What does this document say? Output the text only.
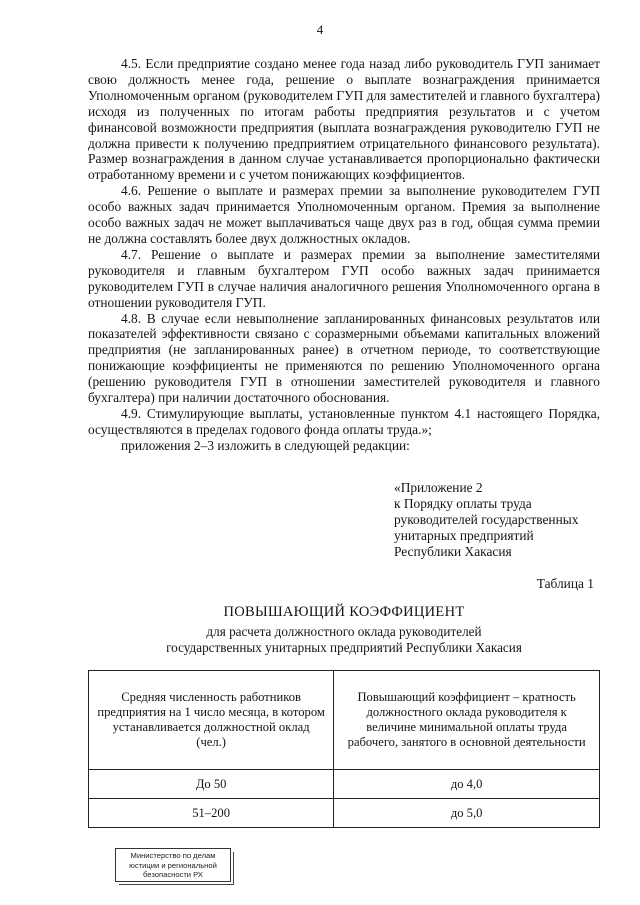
4

4.5. Если предприятие создано менее года назад либо руководитель ГУП занимает свою должность менее года, решение о выплате вознаграждения принимается Уполномоченным органом (руководителем ГУП для заместителей и главного бухгалтера) исходя из полученных по итогам работы предприятия результатов и с учетом финансовой возможности предприятия (выплата вознаграждения руководителю ГУП не должна привести к получению предприятием отрицательного финансового результата). Размер вознаграждения в данном случае устанавливается пропорционально фактически отработанному времени и с учетом понижающих коэффициентов.

4.6. Решение о выплате и размерах премии за выполнение руководителем ГУП особо важных задач принимается Уполномоченным органом. Премия за выполнение особо важных задач не может выплачиваться чаще двух раз в год, общая сумма премии не должна составлять более двух должностных окладов.

4.7. Решение о выплате и размерах премии за выполнение заместителями руководителя и главным бухгалтером ГУП особо важных задач принимается руководителем ГУП в случае наличия аналогичного решения Уполномоченного органа в отношении руководителя ГУП.

4.8. В случае если невыполнение запланированных финансовых результатов или показателей эффективности связано с соразмерными объемами капитальных вложений предприятия (не запланированных ранее) в отчетном периоде, то соответствующие понижающие коэффициенты не применяются по решению Уполномоченного органа (решению руководителя ГУП в отношении заместителей руководителя и главного бухгалтера) при наличии достаточного обоснования.

4.9. Стимулирующие выплаты, установленные пунктом 4.1 настоящего Порядка, осуществляются в пределах годового фонда оплаты труда.»;

приложения 2–3 изложить в следующей редакции:

«Приложение 2
к Порядку оплаты труда
руководителей государственных
унитарных предприятий
Республики Хакасия
Таблица 1
ПОВЫШАЮЩИЙ КОЭФФИЦИЕНТ
для расчета должностного оклада руководителей
государственных унитарных предприятий Республики Хакасия
Средняя численность работников предприятия на 1 число месяца, в котором устанавливается должностной оклад (чел.)	Повышающий коэффициент – кратность должностного оклада руководителя к величине минимальной оплаты труда рабочего, занятого в основной деятельности
До 50	до 4,0
51–200	до 5,0
Министерство по делам
юстиции и региональной
безопасности РХ
